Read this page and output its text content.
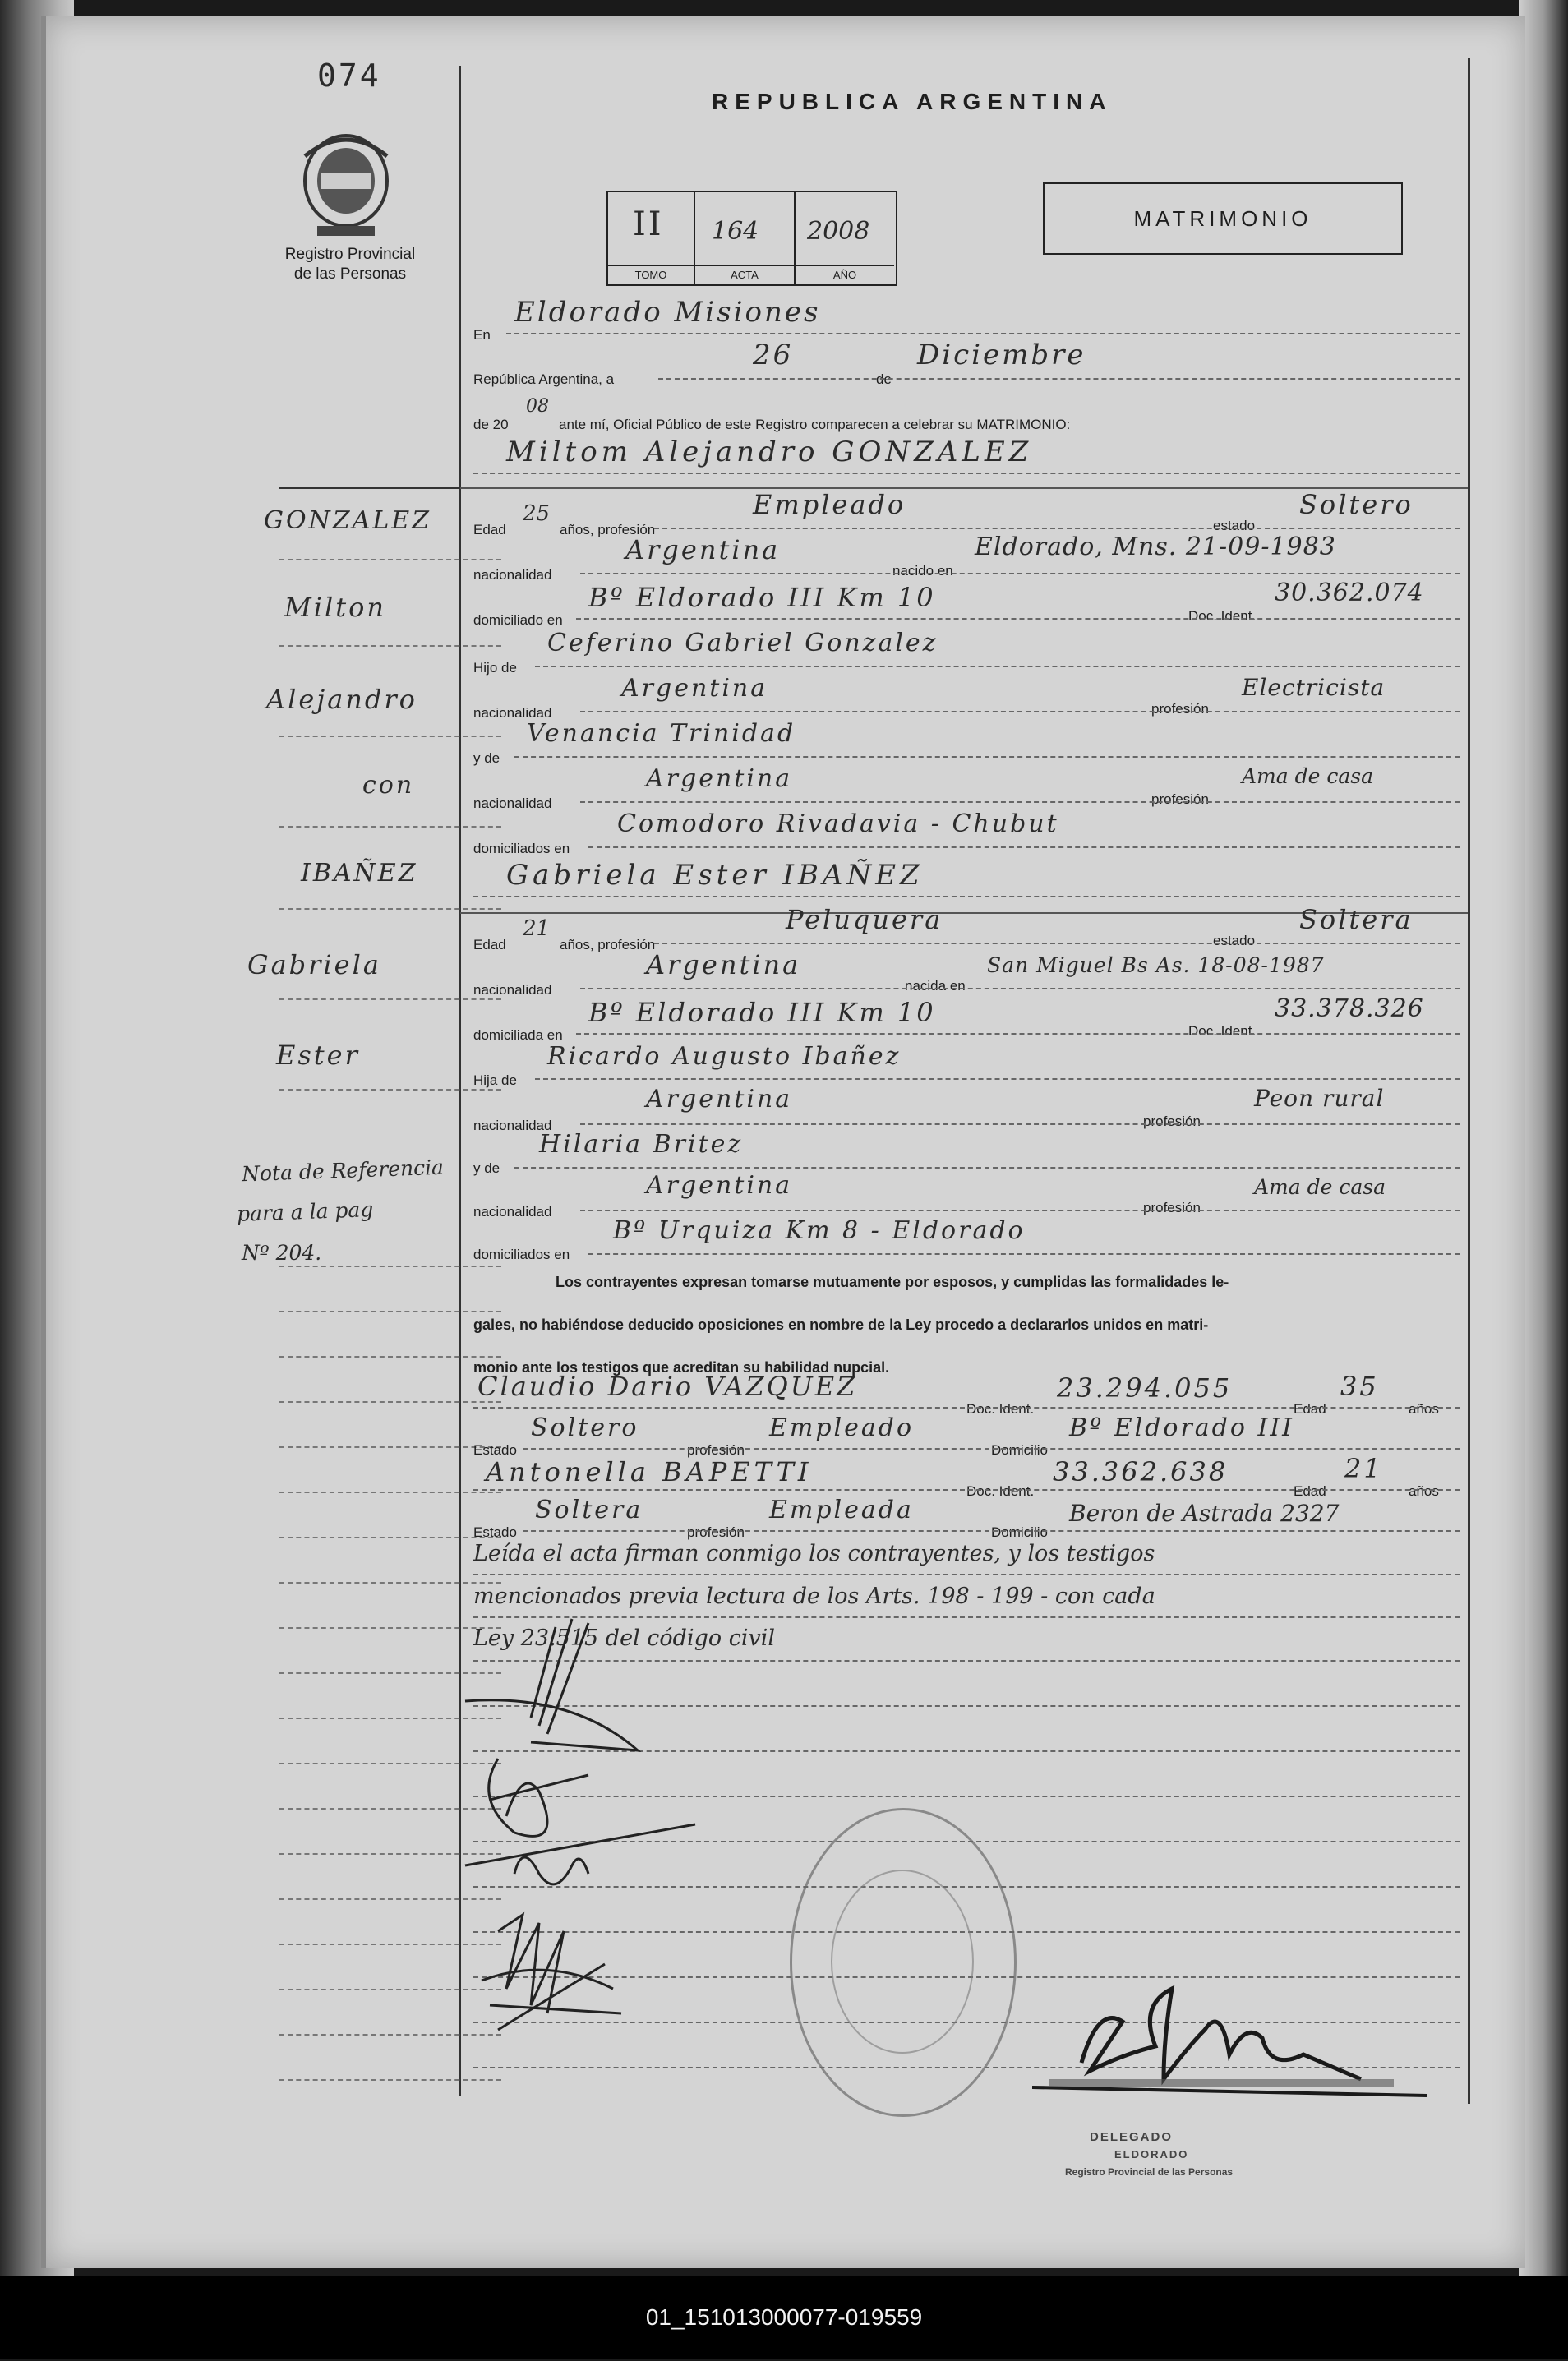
074
Registro Provincial
de las Personas
REPUBLICA ARGENTINA
II
TOMO
164
ACTA
2008
AÑO
MATRIMONIO
En
Eldorado Misiones
República Argentina, a
26
de
Diciembre
de 20
08
ante mí, Oficial Público de este Registro comparecen a celebrar su MATRIMONIO:
Miltom Alejandro GONZALEZ
GONZALEZ
Milton
Alejandro
con
IBAÑEZ
Gabriela
Ester
Nota de Referencia
para a la pag
Nº 204.
Edad
25
años, profesión
Empleado
estado
Soltero
nacionalidad
Argentina
nacido en
Eldorado, Mns. 21-09-1983
domiciliado en
Bº Eldorado III Km 10
Doc. Ident.
30.362.074
Hijo de
Ceferino Gabriel Gonzalez
nacionalidad
Argentina
profesión
Electricista
y de
Venancia Trinidad
nacionalidad
Argentina
profesión
Ama de casa
domiciliados en
Comodoro Rivadavia - Chubut
Gabriela Ester IBAÑEZ
Edad
21
años, profesión
Peluquera
estado
Soltera
nacionalidad
Argentina
nacida en
San Miguel Bs As. 18-08-1987
domiciliada en
Bº Eldorado III Km 10
Doc. Ident.
33.378.326
Hija de
Ricardo Augusto Ibañez
nacionalidad
Argentina
profesión
Peon rural
y de
Hilaria Britez
nacionalidad
Argentina
profesión
Ama de casa
domiciliados en
Bº Urquiza Km 8 - Eldorado
Los contrayentes expresan tomarse mutuamente por esposos, y cumplidas las formalidades le-
gales, no habiéndose deducido oposiciones en nombre de la Ley procedo a declararlos unidos en matri-
monio ante los testigos que acreditan su habilidad nupcial.
Claudio Dario VAZQUEZ
Doc. Ident.
23.294.055
Edad
35
años
Estado
Soltero
profesión
Empleado
Domicilio
Bº Eldorado III
Antonella BAPETTI
Doc. Ident.
33.362.638
Edad
21
años
Estado
Soltera
profesión
Empleada
Domicilio
Beron de Astrada 2327
Leída el acta firman conmigo los contrayentes, y los testigos
mencionados previa lectura de los Arts. 198 - 199 - con cada
Ley 23.515 del código civil
DELEGADO
ELDORADO
Registro Provincial de las Personas
01_151013000077-019559
